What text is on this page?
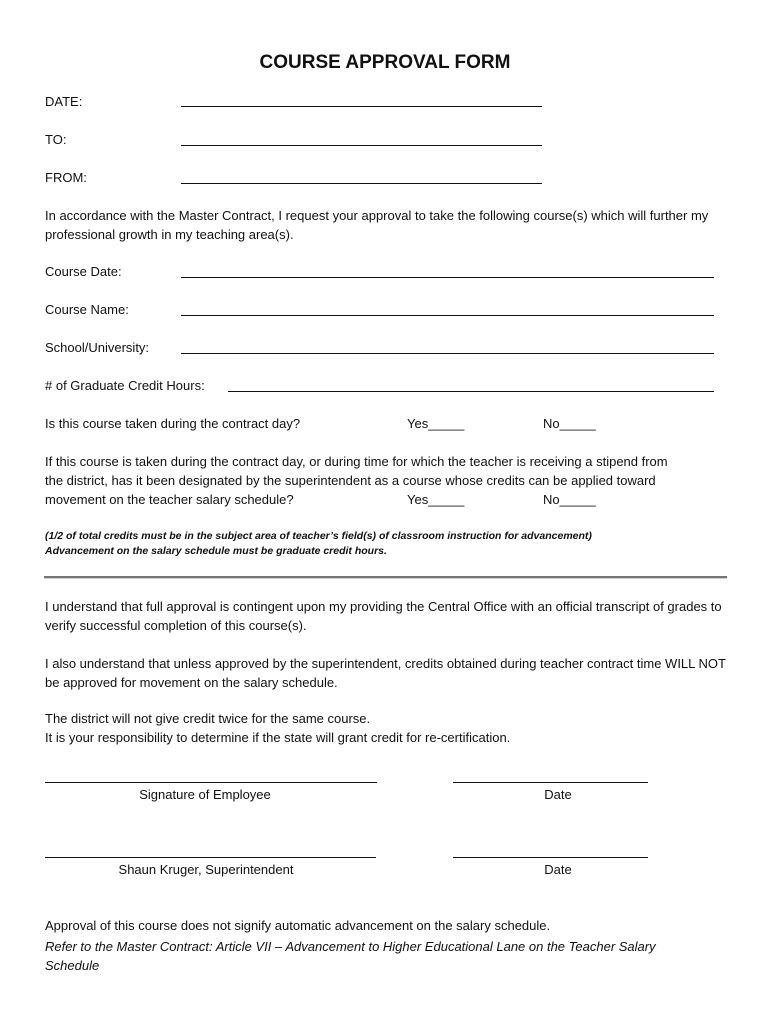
COURSE APPROVAL FORM
DATE:
TO:
FROM:
In accordance with the Master Contract, I request your approval to take the following course(s) which will further my professional growth in my teaching area(s).
Course Date:
Course Name:
School/University:
# of Graduate Credit Hours:
Is this course taken during the contract day?	Yes_____	No_____
If this course is taken during the contract day, or during time for which the teacher is receiving a stipend from
the district, has it been designated by the superintendent as a course whose credits can be applied toward
movement on the teacher salary schedule?	Yes_____	No_____
(1/2 of total credits must be in the subject area of teacher’s field(s) of classroom instruction for advancement)
Advancement on the salary schedule must be graduate credit hours.
I understand that full approval is contingent upon my providing the Central Office with an official transcript of grades to verify successful completion of this course(s).
I also understand that unless approved by the superintendent, credits obtained during teacher contract time WILL NOT be approved for movement on the salary schedule.
The district will not give credit twice for the same course.
It is your responsibility to determine if the state will grant credit for re-certification.
Signature of Employee	Date
Shaun Kruger, Superintendent	Date
Approval of this course does not signify automatic advancement on the salary schedule.
Refer to the Master Contract: Article VII – Advancement to Higher Educational Lane on the Teacher Salary Schedule
